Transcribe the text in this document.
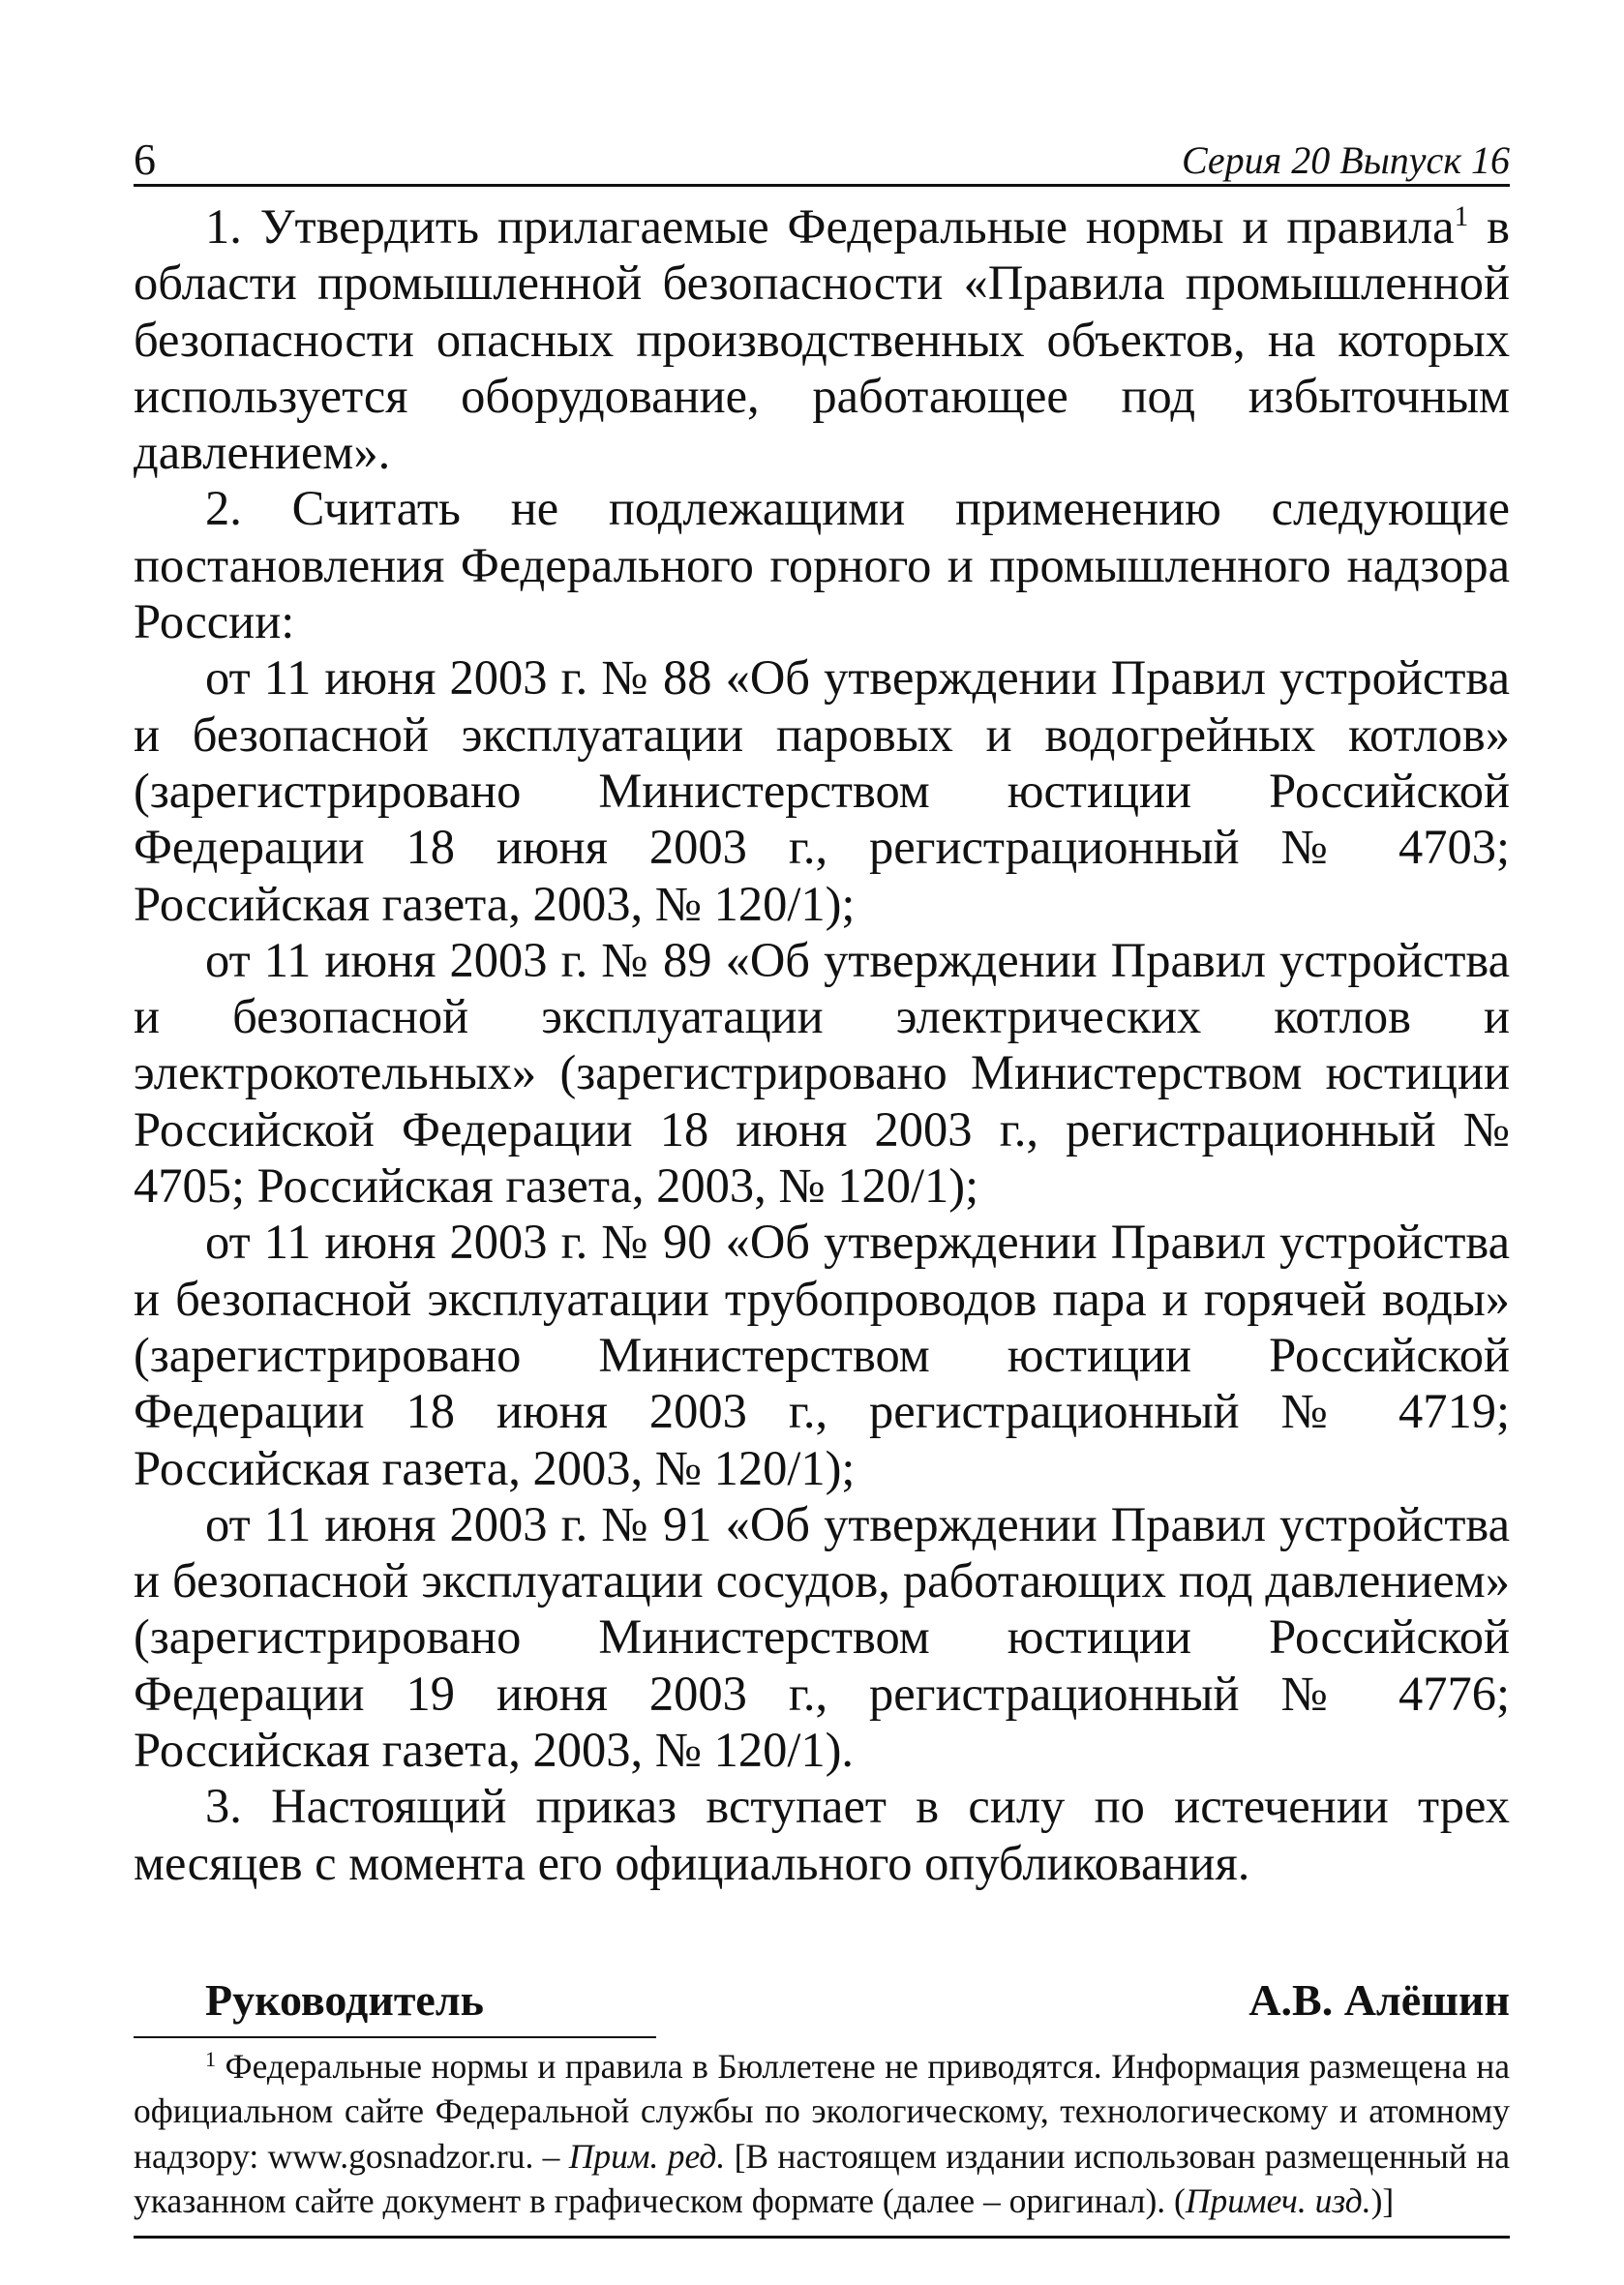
6	Серия 20 Выпуск 16

1. Утвердить прилагаемые Федеральные нормы и правила$^1$ в области промышленной безопасности «Правила промышленной безопасности опасных производственных объектов, на которых используется оборудование, работающее под избыточным давлением».

2. Считать не подлежащими применению следующие постановления Федерального горного и промышленного надзора России:

от 11 июня 2003 г. № 88 «Об утверждении Правил устройства и безопасной эксплуатации паровых и водогрейных котлов» (зарегистрировано Министерством юстиции Российской Федерации 18 июня 2003 г., регистрационный № 4703; Российская газета, 2003, № 120/1);

от 11 июня 2003 г. № 89 «Об утверждении Правил устройства и безопасной эксплуатации электрических котлов и электрокотельных» (зарегистрировано Министерством юстиции Российской Федерации 18 июня 2003 г., регистрационный № 4705; Российская газета, 2003, № 120/1);

от 11 июня 2003 г. № 90 «Об утверждении Правил устройства и безопасной эксплуатации трубопроводов пара и горячей воды» (зарегистрировано Министерством юстиции Российской Федерации 18 июня 2003 г., регистрационный № 4719; Российская газета, 2003, № 120/1);

от 11 июня 2003 г. № 91 «Об утверждении Правил устройства и безопасной эксплуатации сосудов, работающих под давлением» (зарегистрировано Министерством юстиции Российской Федерации 19 июня 2003 г., регистрационный № 4776; Российская газета, 2003, № 120/1).

3. Настоящий приказ вступает в силу по истечении трех месяцев с момента его официального опубликования.

Руководитель	А.В. Алёшин

$^1$ Федеральные нормы и правила в Бюллетене не приводятся. Информация размещена на официальном сайте Федеральной службы по экологическому, технологическому и атомному надзору: www.gosnadzor.ru. – Прим. ред. [В настоящем издании использован размещенный на указанном сайте документ в графическом формате (далее – оригинал). (Примеч. изд.)]
